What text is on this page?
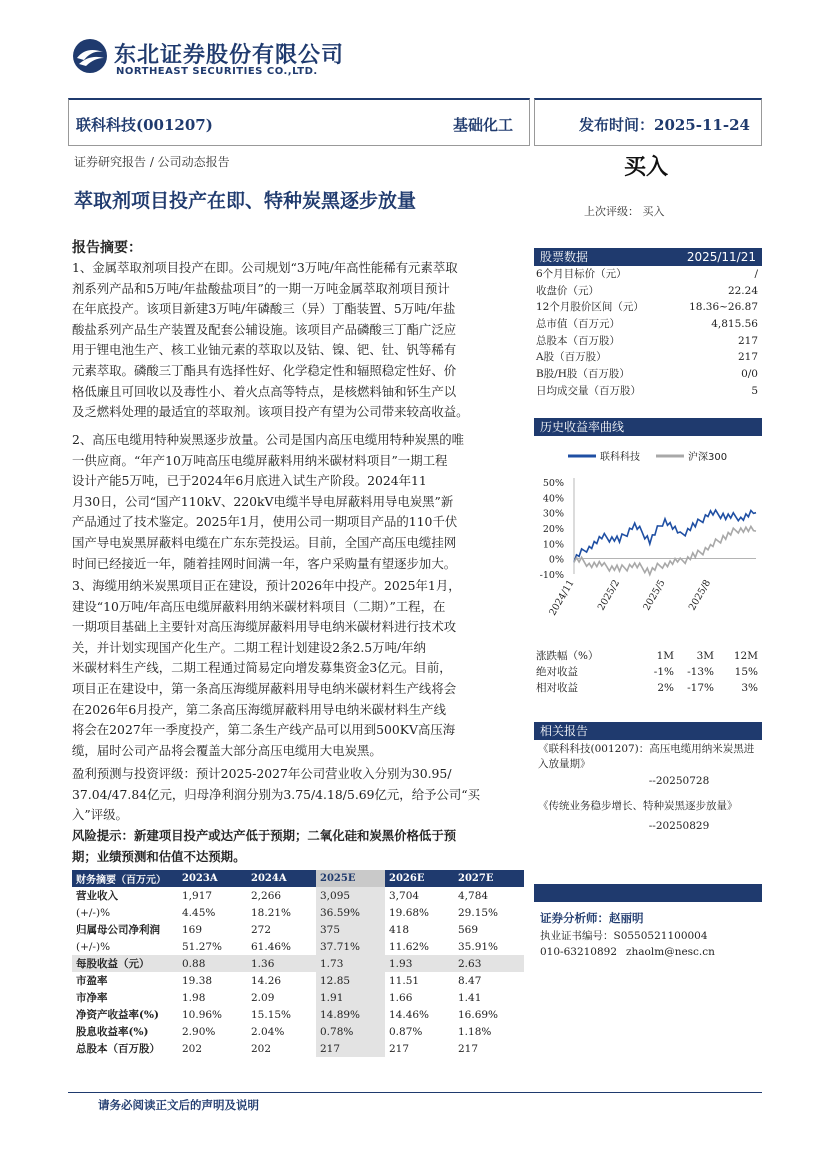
东北证券股份有限公司
NORTHEAST SECURITIES CO.,LTD.
联科科技(001207)	基础化工	发布时间：2025-11-24
证券研究报告 / 公司动态报告	买入
萃取剂项目投产在即、特种炭黑逐步放量	上次评级： 买入
报告摘要：
1、金属萃取剂项目投产在即。公司规划“3万吨/年高性能稀有元素萃取
剂系列产品和5万吨/年盐酸盐项目”的一期一万吨金属萃取剂项目预计
在年底投产。该项目新建3万吨/年磷酸三（异）丁酯装置、5万吨/年盐
酸盐系列产品生产装置及配套公辅设施。该项目产品磷酸三丁酯广泛应
用于锂电池生产、核工业铀元素的萃取以及钴、镍、钯、钍、钒等稀有
元素萃取。磷酸三丁酯具有选择性好、化学稳定性和辐照稳定性好、价
格低廉且可回收以及毒性小、着火点高等特点，是核燃料铀和钚生产以
及乏燃料处理的最适宜的萃取剂。该项目投产有望为公司带来较高收益。
2、高压电缆用特种炭黑逐步放量。公司是国内高压电缆用特种炭黑的唯
一供应商。“年产10万吨高压电缆屏蔽料用纳米碳材料项目”一期工程
设计产能5万吨，已于2024年6月底进入试生产阶段。2024年11
月30日，公司“国产110kV、220kV电缆半导电屏蔽料用导电炭黑”新
产品通过了技术鉴定。2025年1月，使用公司一期项目产品的110千伏
国产导电炭黑屏蔽料电缆在广东东莞投运。目前，全国产高压电缆挂网
时间已经接近一年，随着挂网时间满一年，客户采购量有望逐步加大。
3、海缆用纳米炭黑项目正在建设，预计2026年中投产。2025年1月，
建设“10万吨/年高压电缆屏蔽料用纳米碳材料项目（二期）”工程，在
一期项目基础上主要针对高压海缆屏蔽料用导电纳米碳材料进行技术攻
关，并计划实现国产化生产。二期工程计划建设2条2.5万吨/年纳
米碳材料生产线，二期工程通过简易定向增发募集资金3亿元。目前，
项目正在建设中，第一条高压海缆屏蔽料用导电纳米碳材料生产线将会
在2026年6月投产，第二条高压海缆屏蔽料用导电纳米碳材料生产线
将会在2027年一季度投产，第二条生产线产品可以用到500KV高压海
缆，届时公司产品将会覆盖大部分高压电缆用大电炭黑。
盈利预测与投资评级：预计2025-2027年公司营业收入分别为30.95/
37.04/47.84亿元，归母净利润分别为3.75/4.18/5.69亿元，给予公司“买
入”评级。
风险提示：新建项目投产或达产低于预期；二氧化硅和炭黑价格低于预
期；业绩预测和估值不达预期。
财务摘要（百万元）	2023A	2024A	2025E	2026E	2027E
营业收入	1,917	2,266	3,095	3,704	4,784
(+/-)%	4.45%	18.21%	36.59%	19.68%	29.15%
归属母公司净利润	169	272	375	418	569
(+/-)%	51.27%	61.46%	37.71%	11.62%	35.91%
每股收益（元）	0.88	1.36	1.73	1.93	2.63
市盈率	19.38	14.26	12.85	11.51	8.47
市净率	1.98	2.09	1.91	1.66	1.41
净资产收益率(%)	10.96%	15.15%	14.89%	14.46%	16.69%
股息收益率(%)	2.90%	2.04%	0.78%	0.87%	1.18%
总股本（百万股）	202	202	217	217	217
股票数据	2025/11/21
6个月目标价（元）	/
收盘价（元）	22.24
12个月股价区间（元）	18.36~26.87
总市值（百万元）	4,815.56
总股本（百万股）	217
A股（百万股）	217
B股/H股（百万股）	0/0
日均成交量（百万股）	5
历史收益率曲线
联科科技	沪深300
50%
40%
30%
20%
10%
0%
-10%
2024/11 2025/2 2025/5 2025/8
涨跌幅（%）	1M	3M	12M
绝对收益	-1%	-13%	15%
相对收益	2%	-17%	3%
相关报告
《联科科技(001207)：高压电缆用纳米炭黑进入放量期》
--20250728
《传统业务稳步增长、特种炭黑逐步放量》
--20250829
证券分析师：赵丽明
执业证书编号：S0550521100004
010-63210892 zhaolm@nesc.cn
请务必阅读正文后的声明及说明
